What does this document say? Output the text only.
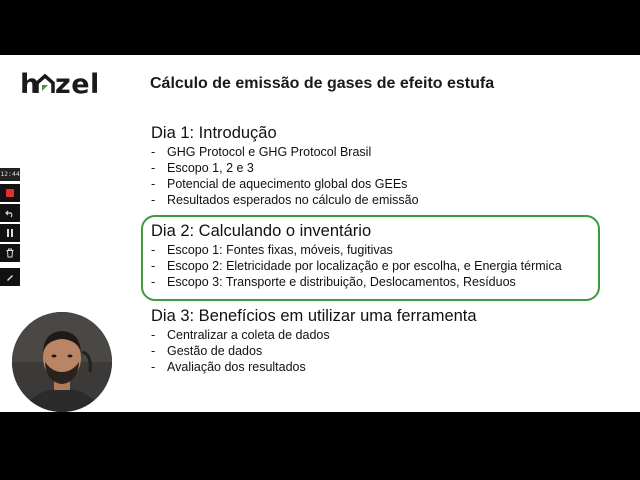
h zel	Cálculo de emissão de gases de efeito estufa
Dia 1: Introdução
- GHG Protocol e GHG Protocol Brasil
- Escopo 1, 2 e 3
- Potencial de aquecimento global dos GEEs
- Resultados esperados no cálculo de emissão
Dia 2: Calculando o inventário
- Escopo 1: Fontes fixas, móveis, fugitivas
- Escopo 2: Eletricidade por localização e por escolha, e Energia térmica
- Escopo 3: Transporte e distribuição, Deslocamentos, Resíduos
Dia 3: Benefícios em utilizar uma ferramenta
- Centralizar a coleta de dados
- Gestão de dados
- Avaliação dos resultados
12:44
